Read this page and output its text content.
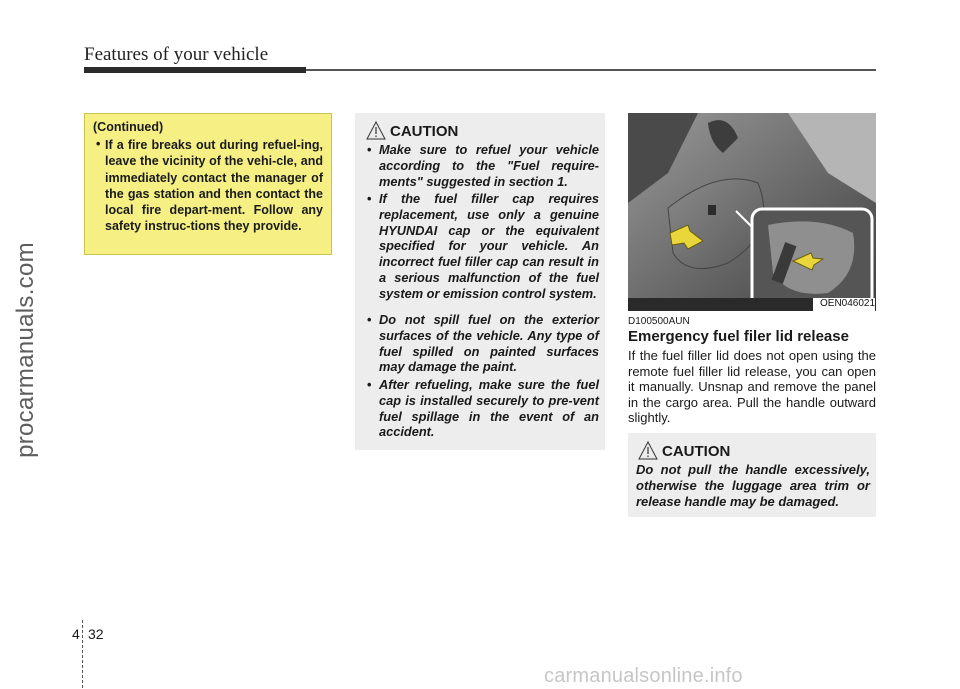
Features of your vehicle
procarmanuals.com
(Continued)
• If a fire breaks out during refuel-ing, leave the vicinity of the vehi-cle, and immediately contact the manager of the gas station and then contact the local fire depart-ment. Follow any safety instruc-tions they provide.
CAUTION
• Make sure to refuel your vehicle according to the "Fuel require-ments" suggested in section 1.
• If the fuel filler cap requires replacement, use only a genuine HYUNDAI cap or the equivalent specified for your vehicle. An incorrect fuel filler cap can result in a serious malfunction of the fuel system or emission control system.
• Do not spill fuel on the exterior surfaces of the vehicle. Any type of fuel spilled on painted surfaces may damage the paint.
• After refueling, make sure the fuel cap is installed securely to pre-vent fuel spillage in the event of an accident.
OEN046021
D100500AUN
Emergency fuel filer lid release
If the fuel filler lid does not open using the remote fuel filler lid release, you can open it manually. Unsnap and remove the panel in the cargo area. Pull the handle outward slightly.
CAUTION
Do not pull the handle excessively, otherwise the luggage area trim or release handle may be damaged.
4 32
carmanualsonline.info
